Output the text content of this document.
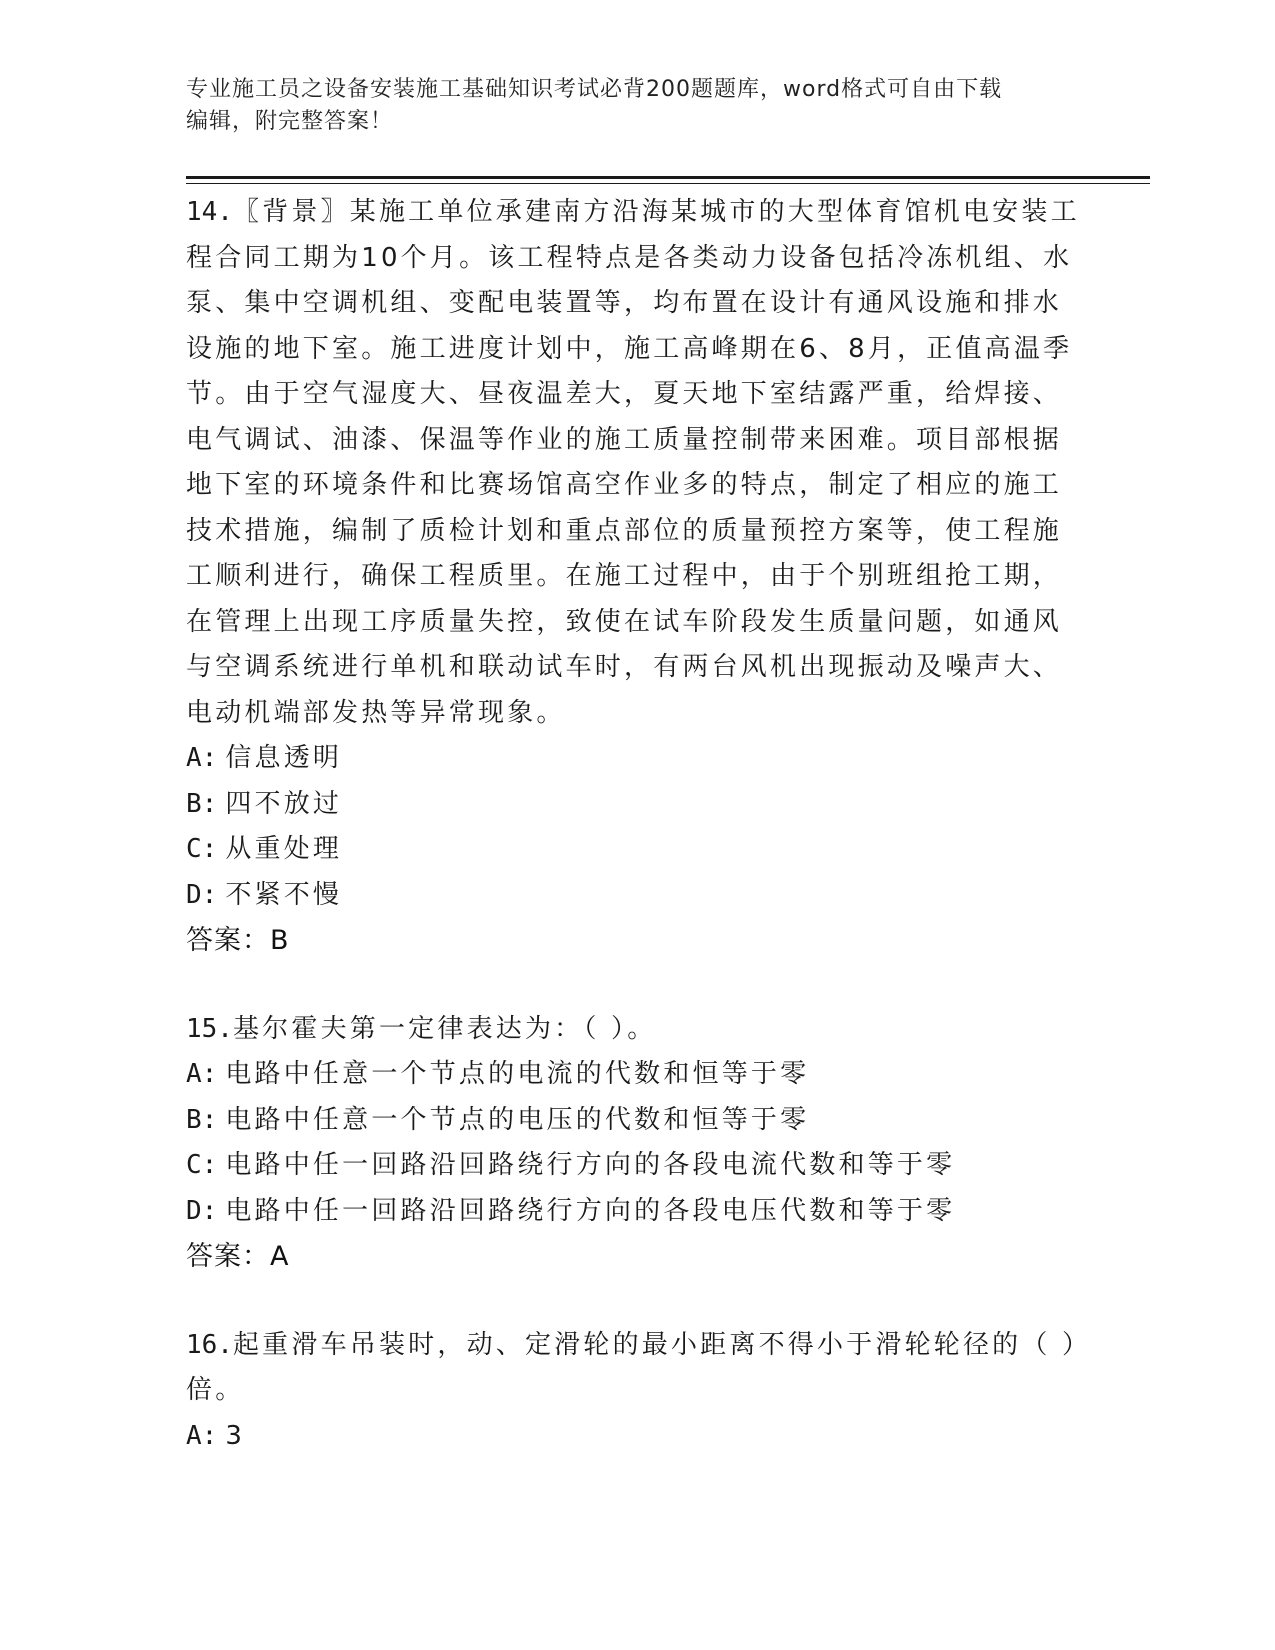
专业施工员之设备安装施工基础知识考试必背200题题库，word格式可自由下载
编辑，附完整答案！

14.〖背景〗某施工单位承建南方沿海某城市的大型体育馆机电安装工程合同工期为10个月。该工程特点是各类动力设备包括冷冻机组、水泵、集中空调机组、变配电装置等，均布置在设计有通风设施和排水设施的地下室。施工进度计划中，施工高峰期在6、8月，正值高温季节。由于空气湿度大、昼夜温差大，夏天地下室结露严重，给焊接、电气调试、油漆、保温等作业的施工质量控制带来困难。项目部根据地下室的环境条件和比赛场馆高空作业多的特点，制定了相应的施工技术措施，编制了质检计划和重点部位的质量预控方案等，使工程施工顺利进行，确保工程质里。在施工过程中，由于个别班组抢工期，在管理上出现工序质量失控，致使在试车阶段发生质量问题，如通风与空调系统进行单机和联动试车时，有两台风机出现振动及噪声大、电动机端部发热等异常现象。

A: 信息透明

B: 四不放过

C: 从重处理

D: 不紧不慢

答案：B

15.基尔霍夫第一定律表达为：（ ）。

A: 电路中任意一个节点的电流的代数和恒等于零

B: 电路中任意一个节点的电压的代数和恒等于零

C: 电路中任一回路沿回路绕行方向的各段电流代数和等于零

D: 电路中任一回路沿回路绕行方向的各段电压代数和等于零

答案：A

16.起重滑车吊装时，动、定滑轮的最小距离不得小于滑轮轮径的（ ）倍。

A: 3
